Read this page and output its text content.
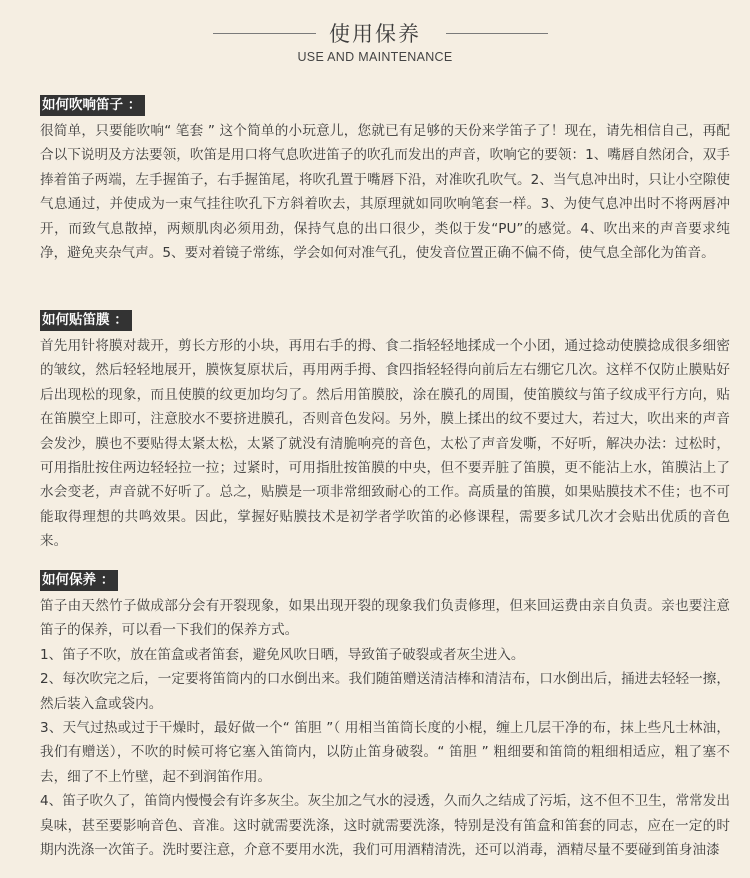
使用保养
USE AND MAINTENANCE
如何吹响笛子 ：

很简单，只要能吹响“ 笔套 ” 这个简单的小玩意儿，您就已有足够的天份来学笛子了！现在，请先相信自己，再配合以下说明及方法要领，吹笛是用口将气息吹进笛子的吹孔而发出的声音，吹响它的要领：1、嘴唇自然闭合，双手捧着笛子两端，左手握笛子，右手握笛尾，将吹孔置于嘴唇下沿，对准吹孔吹气。2、当气息冲出时，只让小空隙使气息通过，并使成为一束气挂往吹孔下方斜着吹去，其原理就如同吹响笔套一样。3、为使气息冲出时不将两唇冲开，而致气息散掉，两颊肌肉必须用劲，保持气息的出口很少，类似于发“PU”的感觉。4、吹出来的声音要求纯净，避免夹杂气声。5、要对着镜子常练，学会如何对准气孔，使发音位置正确不偏不倚，使气息全部化为笛音。

如何贴笛膜 ：

首先用针将膜对裁开，剪长方形的小块，再用右手的拇、食二指轻轻地揉成一个小团，通过捻动使膜捻成很多细密的皱纹，然后轻轻地展开，膜恢复原状后，再用两手拇、食四指轻轻得向前后左右绷它几次。这样不仅防止膜贴好后出现松的现象，而且使膜的纹更加均匀了。然后用笛膜胶，涂在膜孔的周围，使笛膜纹与笛子纹成平行方向，贴在笛膜空上即可，注意胶水不要挤进膜孔，否则音色发闷。另外，膜上揉出的纹不要过大，若过大，吹出来的声音会发沙，膜也不要贴得太紧太松，太紧了就没有清脆响亮的音色，太松了声音发嘶，不好听，解决办法：过松时，可用指肚按住两边轻轻拉一拉；过紧时，可用指肚按笛膜的中央，但不要弄脏了笛膜，更不能沾上水，笛膜沾上了水会变老，声音就不好听了。总之，贴膜是一项非常细致耐心的工作。高质量的笛膜，如果贴膜技术不佳；也不可能取得理想的共鸣效果。因此，掌握好贴膜技术是初学者学吹笛的必修课程，需要多试几次才会贴出优质的音色来。

如何保养 ：

笛子由天然竹子做成部分会有开裂现象，如果出现开裂的现象我们负责修理，但来回运费由亲自负责。亲也要注意笛子的保养，可以看一下我们的保养方式。

1、笛子不吹，放在笛盒或者笛套，避免风吹日晒，导致笛子破裂或者灰尘进入。

2、每次吹完之后，一定要将笛筒内的口水倒出来。我们随笛赠送清洁棒和清洁布，口水倒出后，捅进去轻轻一擦，然后装入盒或袋内。

3、天气过热或过于干燥时，最好做一个“ 笛胆 ”（ 用相当笛筒长度的小棍，缠上几层干净的布，抹上些凡士林油，我们有赠送），不吹的时候可将它塞入笛筒内，以防止笛身破裂。“ 笛胆 ” 粗细要和笛筒的粗细相适应，粗了塞不去，细了不上竹壁，起不到润笛作用。

4、笛子吹久了，笛筒内慢慢会有许多灰尘。灰尘加之气水的浸透，久而久之结成了污垢，这不但不卫生，常常发出臭味，甚至要影响音色、音准。这时就需要洗涤，这时就需要洗涤，特别是没有笛盒和笛套的同志，应在一定的时期内洗涤一次笛子。洗时要注意，介意不要用水洗，我们可用酒精清洗，还可以消毒，酒精尽量不要碰到笛身油漆
